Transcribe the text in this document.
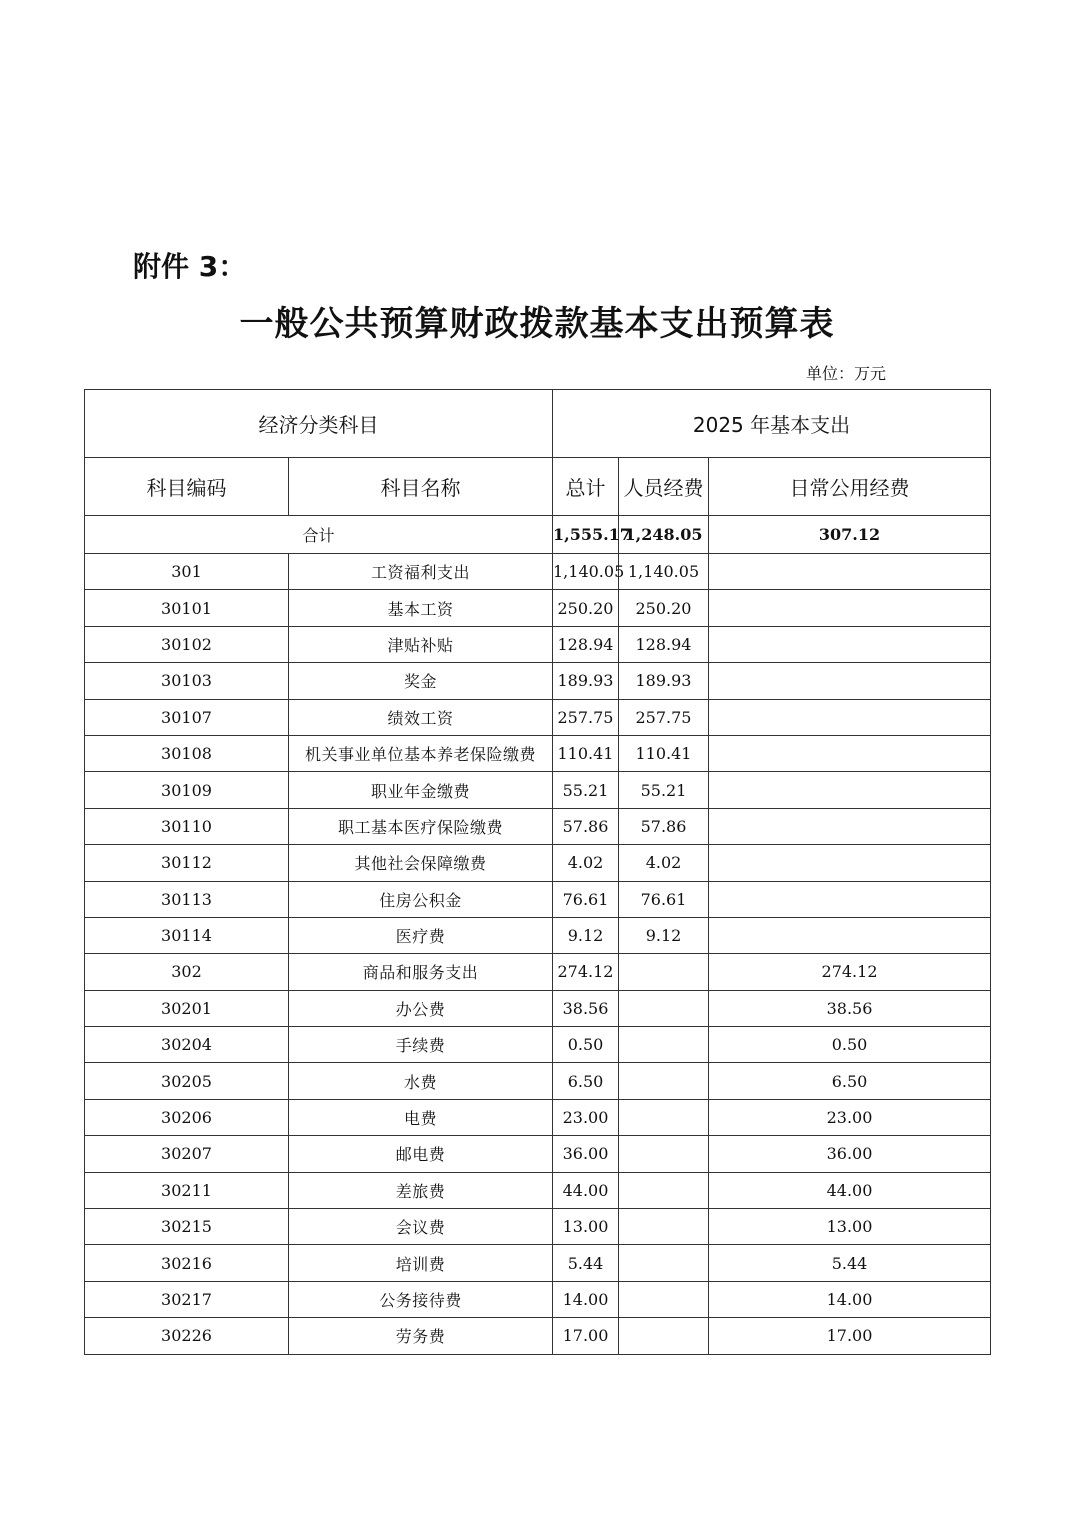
附件 3：
一般公共预算财政拨款基本支出预算表
单位：万元
经济分类科目		2025 年基本支出		
科目编码	科目名称	总计	人员经费	日常公用经费
合计		1,555.17	1,248.05	307.12
301	工资福利支出	1,140.05	1,140.05	
30101	基本工资	250.20	250.20	
30102	津贴补贴	128.94	128.94	
30103	奖金	189.93	189.93	
30107	绩效工资	257.75	257.75	
30108	机关事业单位基本养老保险缴费	110.41	110.41	
30109	职业年金缴费	55.21	55.21	
30110	职工基本医疗保险缴费	57.86	57.86	
30112	其他社会保障缴费	4.02	4.02	
30113	住房公积金	76.61	76.61	
30114	医疗费	9.12	9.12	
302	商品和服务支出	274.12		274.12
30201	办公费	38.56		38.56
30204	手续费	0.50		0.50
30205	水费	6.50		6.50
30206	电费	23.00		23.00
30207	邮电费	36.00		36.00
30211	差旅费	44.00		44.00
30215	会议费	13.00		13.00
30216	培训费	5.44		5.44
30217	公务接待费	14.00		14.00
30226	劳务费	17.00		17.00
